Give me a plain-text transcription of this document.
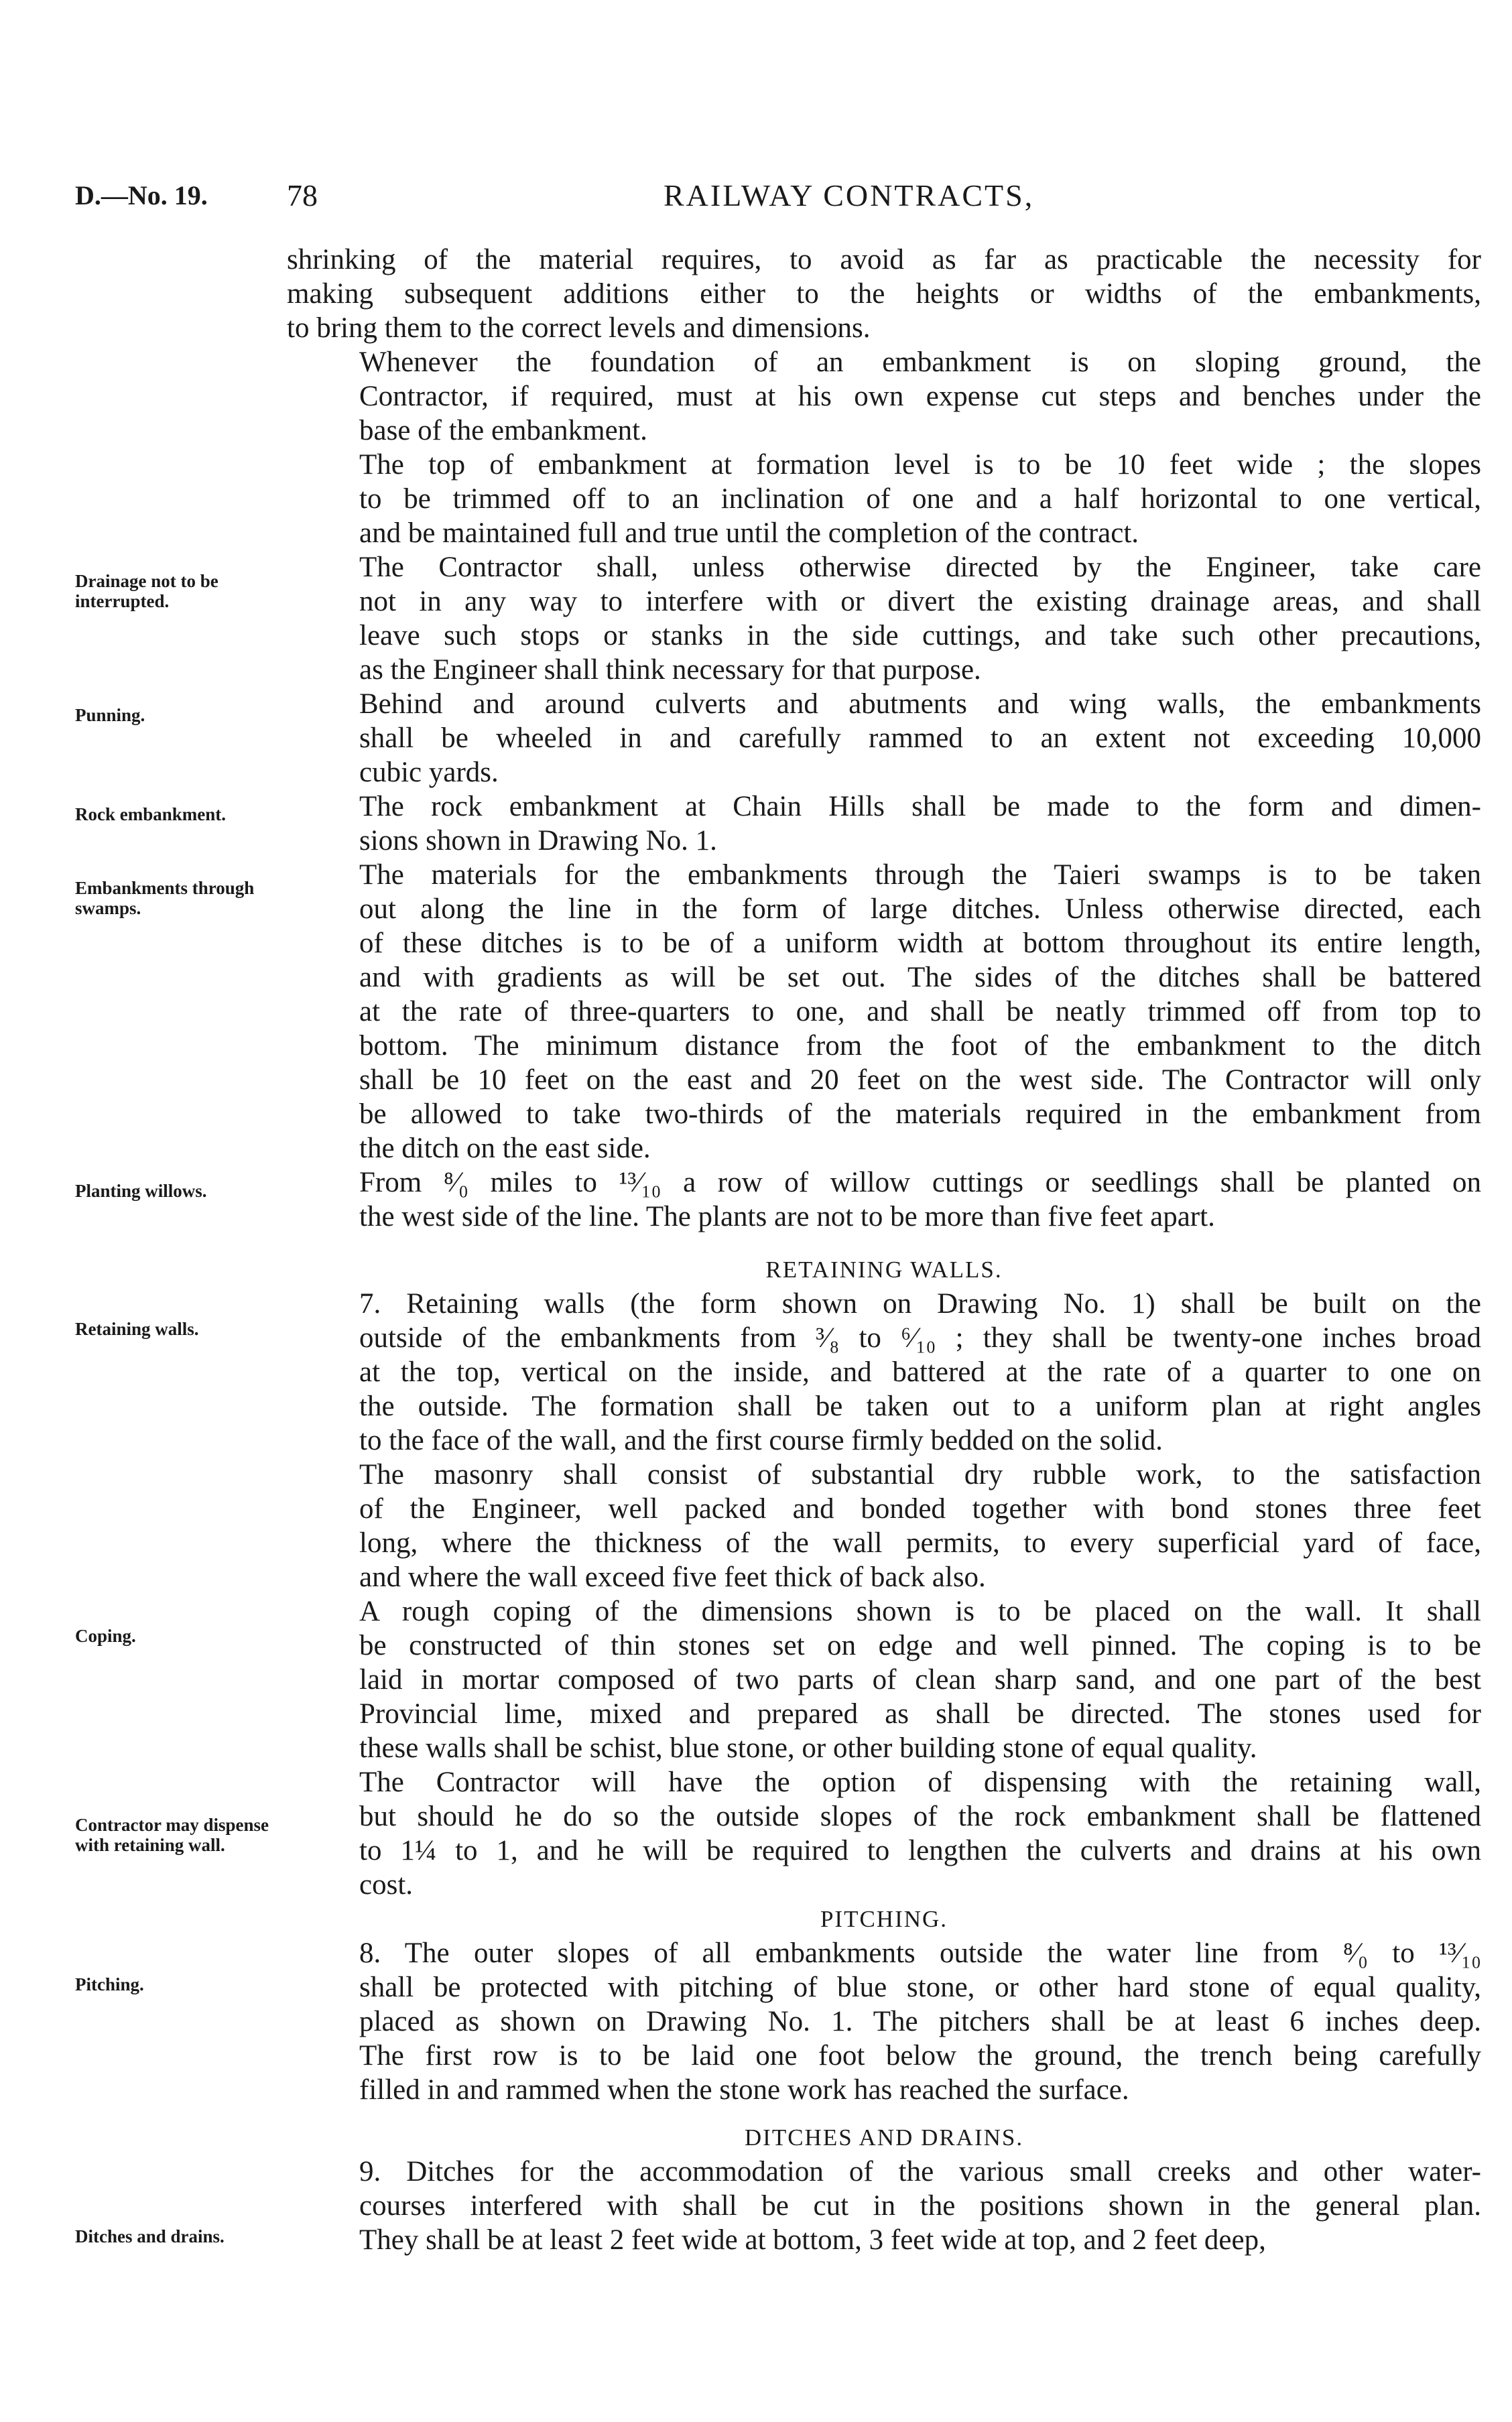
D.—No. 19.	78	RAILWAY CONTRACTS,
Drainage not to be interrupted.
Punning.
Rock embankment.
Embankments through swamps.
Planting willows.
Retaining walls.
Coping.
Contractor may dispense with retaining wall.
Pitching.
Ditches and drains.
shrinking of the material requires, to avoid as far as practicable the necessity for
making subsequent additions either to the heights or widths of the embankments,
to bring them to the correct levels and dimensions.
Whenever the foundation of an embankment is on sloping ground, the
Contractor, if required, must at his own expense cut steps and benches under the
base of the embankment.
The top of embankment at formation level is to be 10 feet wide ; the slopes
to be trimmed off to an inclination of one and a half horizontal to one vertical,
and be maintained full and true until the completion of the contract.
The Contractor shall, unless otherwise directed by the Engineer, take care
not in any way to interfere with or divert the existing drainage areas, and shall
leave such stops or stanks in the side cuttings, and take such other precautions,
as the Engineer shall think necessary for that purpose.
Behind and around culverts and abutments and wing walls, the embankments
shall be wheeled in and carefully rammed to an extent not exceeding 10,000
cubic yards.
The rock embankment at Chain Hills shall be made to the form and dimen-
sions shown in Drawing No. 1.
The materials for the embankments through the Taieri swamps is to be taken
out along the line in the form of large ditches. Unless otherwise directed, each
of these ditches is to be of a uniform width at bottom throughout its entire length,
and with gradients as will be set out. The sides of the ditches shall be battered
at the rate of three-quarters to one, and shall be neatly trimmed off from top to
bottom. The minimum distance from the foot of the embankment to the ditch
shall be 10 feet on the east and 20 feet on the west side. The Contractor will only
be allowed to take two-thirds of the materials required in the embankment from
the ditch on the east side.
From ⁸⁄₀ miles to ¹³⁄₁₀ a row of willow cuttings or seedlings shall be planted on
the west side of the line. The plants are not to be more than five feet apart.
RETAINING WALLS.
7. Retaining walls (the form shown on Drawing No. 1) shall be built on the
outside of the embankments from ³⁄₈ to ⁶⁄₁₀ ; they shall be twenty-one inches broad
at the top, vertical on the inside, and battered at the rate of a quarter to one on
the outside. The formation shall be taken out to a uniform plan at right angles
to the face of the wall, and the first course firmly bedded on the solid.
The masonry shall consist of substantial dry rubble work, to the satisfaction
of the Engineer, well packed and bonded together with bond stones three feet
long, where the thickness of the wall permits, to every superficial yard of face,
and where the wall exceed five feet thick of back also.
A rough coping of the dimensions shown is to be placed on the wall. It shall
be constructed of thin stones set on edge and well pinned. The coping is to be
laid in mortar composed of two parts of clean sharp sand, and one part of the best
Provincial lime, mixed and prepared as shall be directed. The stones used for
these walls shall be schist, blue stone, or other building stone of equal quality.
The Contractor will have the option of dispensing with the retaining wall,
but should he do so the outside slopes of the rock embankment shall be flattened
to 1¼ to 1, and he will be required to lengthen the culverts and drains at his own
cost.
PITCHING.
8. The outer slopes of all embankments outside the water line from ⁸⁄₀ to ¹³⁄₁₀
shall be protected with pitching of blue stone, or other hard stone of equal quality,
placed as shown on Drawing No. 1. The pitchers shall be at least 6 inches deep.
The first row is to be laid one foot below the ground, the trench being carefully
filled in and rammed when the stone work has reached the surface.
DITCHES AND DRAINS.
9. Ditches for the accommodation of the various small creeks and other water-
courses interfered with shall be cut in the positions shown in the general plan.
They shall be at least 2 feet wide at bottom, 3 feet wide at top, and 2 feet deep,
